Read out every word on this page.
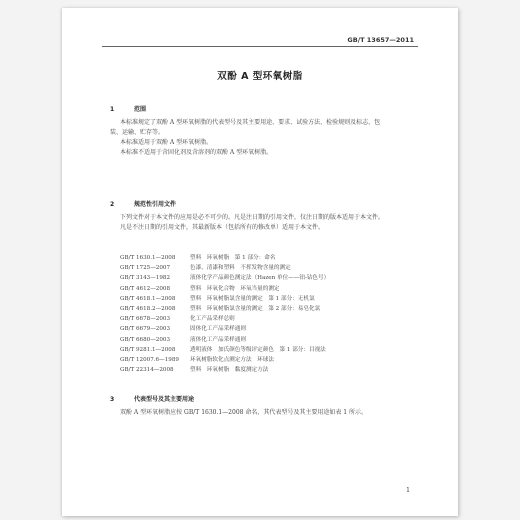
GB/T 13657—2011
双酚 A 型环氧树脂
1	范围
本标准规定了双酚 A 型环氧树脂的代表型号及其主要用途、要求、试验方法、检验规则及标志、包
装、运输、贮存等。
本标准适用于双酚 A 型环氧树脂。
本标准不适用于含固化剂及含溶剂的双酚 A 型环氧树脂。
2	规范性引用文件
下列文件对于本文件的应用是必不可少的。凡是注日期的引用文件，仅注日期的版本适用于本文件。
凡是不注日期的引用文件，其最新版本（包括所有的修改单）适用于本文件。
GB/T 1630.1—2008	塑料　环氧树脂　第 1 部分：命名
GB/T 1725—2007	色漆、清漆和塑料　不挥发物含量的测定
GB/T 3143—1982	液体化学产品颜色测定法（Hazen 单位——铂-钴色号）
GB/T 4612—2008	塑料　环氧化合物　环氧当量的测定
GB/T 4618.1—2008	塑料　环氧树脂氯含量的测定　第 1 部分：无机氯
GB/T 4618.2—2008	塑料　环氧树脂氯含量的测定　第 2 部分：易皂化氯
GB/T 6678—2003	化工产品采样总则
GB/T 6679—2003	固体化工产品采样通则
GB/T 6680—2003	液体化工产品采样通则
GB/T 9281.1—2008	透明液体　加氏颜色等级评定颜色　第 1 部分：目视法
GB/T 12007.6—1989 环氧树脂软化点测定方法　环球法
GB/T 22314—2008	塑料　环氧树脂　黏度测定方法
3	代表型号及其主要用途
双酚 A 型环氧树脂应按 GB/T 1630.1—2008 命名，其代表型号及其主要用途如表 1 所示。
1
